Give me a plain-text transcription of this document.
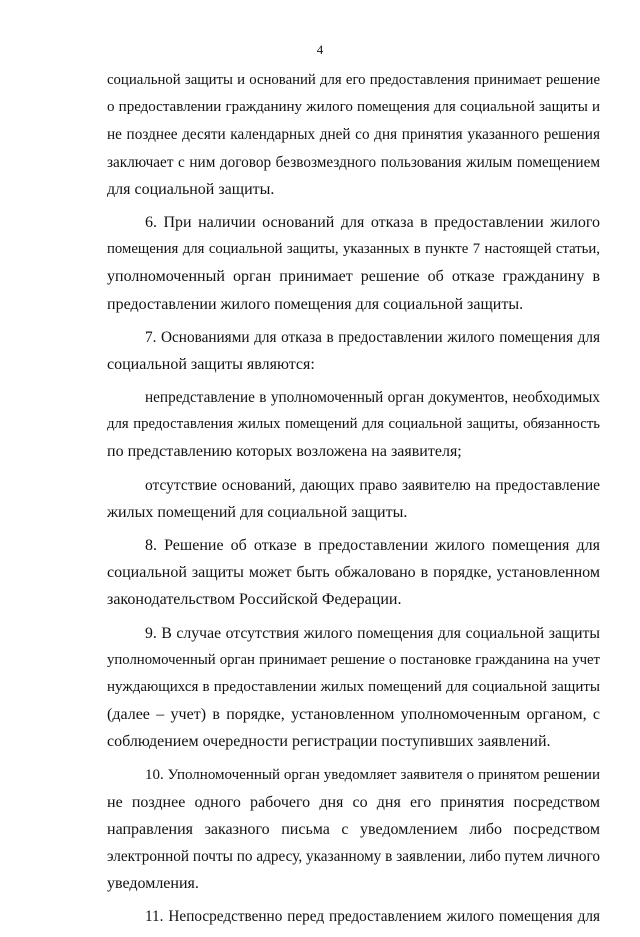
4
социальной защиты и оснований для его предоставления принимает решение
о предоставлении гражданину жилого помещения для социальной защиты и
не позднее десяти календарных дней со дня принятия указанного решения
заключает с ним договор безвозмездного пользования жилым помещением
для социальной защиты.
6. При наличии оснований для отказа в предоставлении жилого
помещения для социальной защиты, указанных в пункте 7 настоящей статьи,
уполномоченный орган принимает решение об отказе гражданину в
предоставлении жилого помещения для социальной защиты.
7. Основаниями для отказа в предоставлении жилого помещения для
социальной защиты являются:
непредставление в уполномоченный орган документов, необходимых
для предоставления жилых помещений для социальной защиты, обязанность
по представлению которых возложена на заявителя;
отсутствие оснований, дающих право заявителю на предоставление
жилых помещений для социальной защиты.
8. Решение об отказе в предоставлении жилого помещения для
социальной защиты может быть обжаловано в порядке, установленном
законодательством Российской Федерации.
9. В случае отсутствия жилого помещения для социальной защиты
уполномоченный орган принимает решение о постановке гражданина на учет
нуждающихся в предоставлении жилых помещений для социальной защиты
(далее – учет) в порядке, установленном уполномоченным органом, с
соблюдением очередности регистрации поступивших заявлений.
10. Уполномоченный орган уведомляет заявителя о принятом решении
не позднее одного рабочего дня со дня его принятия посредством
направления заказного письма с уведомлением либо посредством
электронной почты по адресу, указанному в заявлении, либо путем личного
уведомления.
11. Непосредственно перед предоставлением жилого помещения для
